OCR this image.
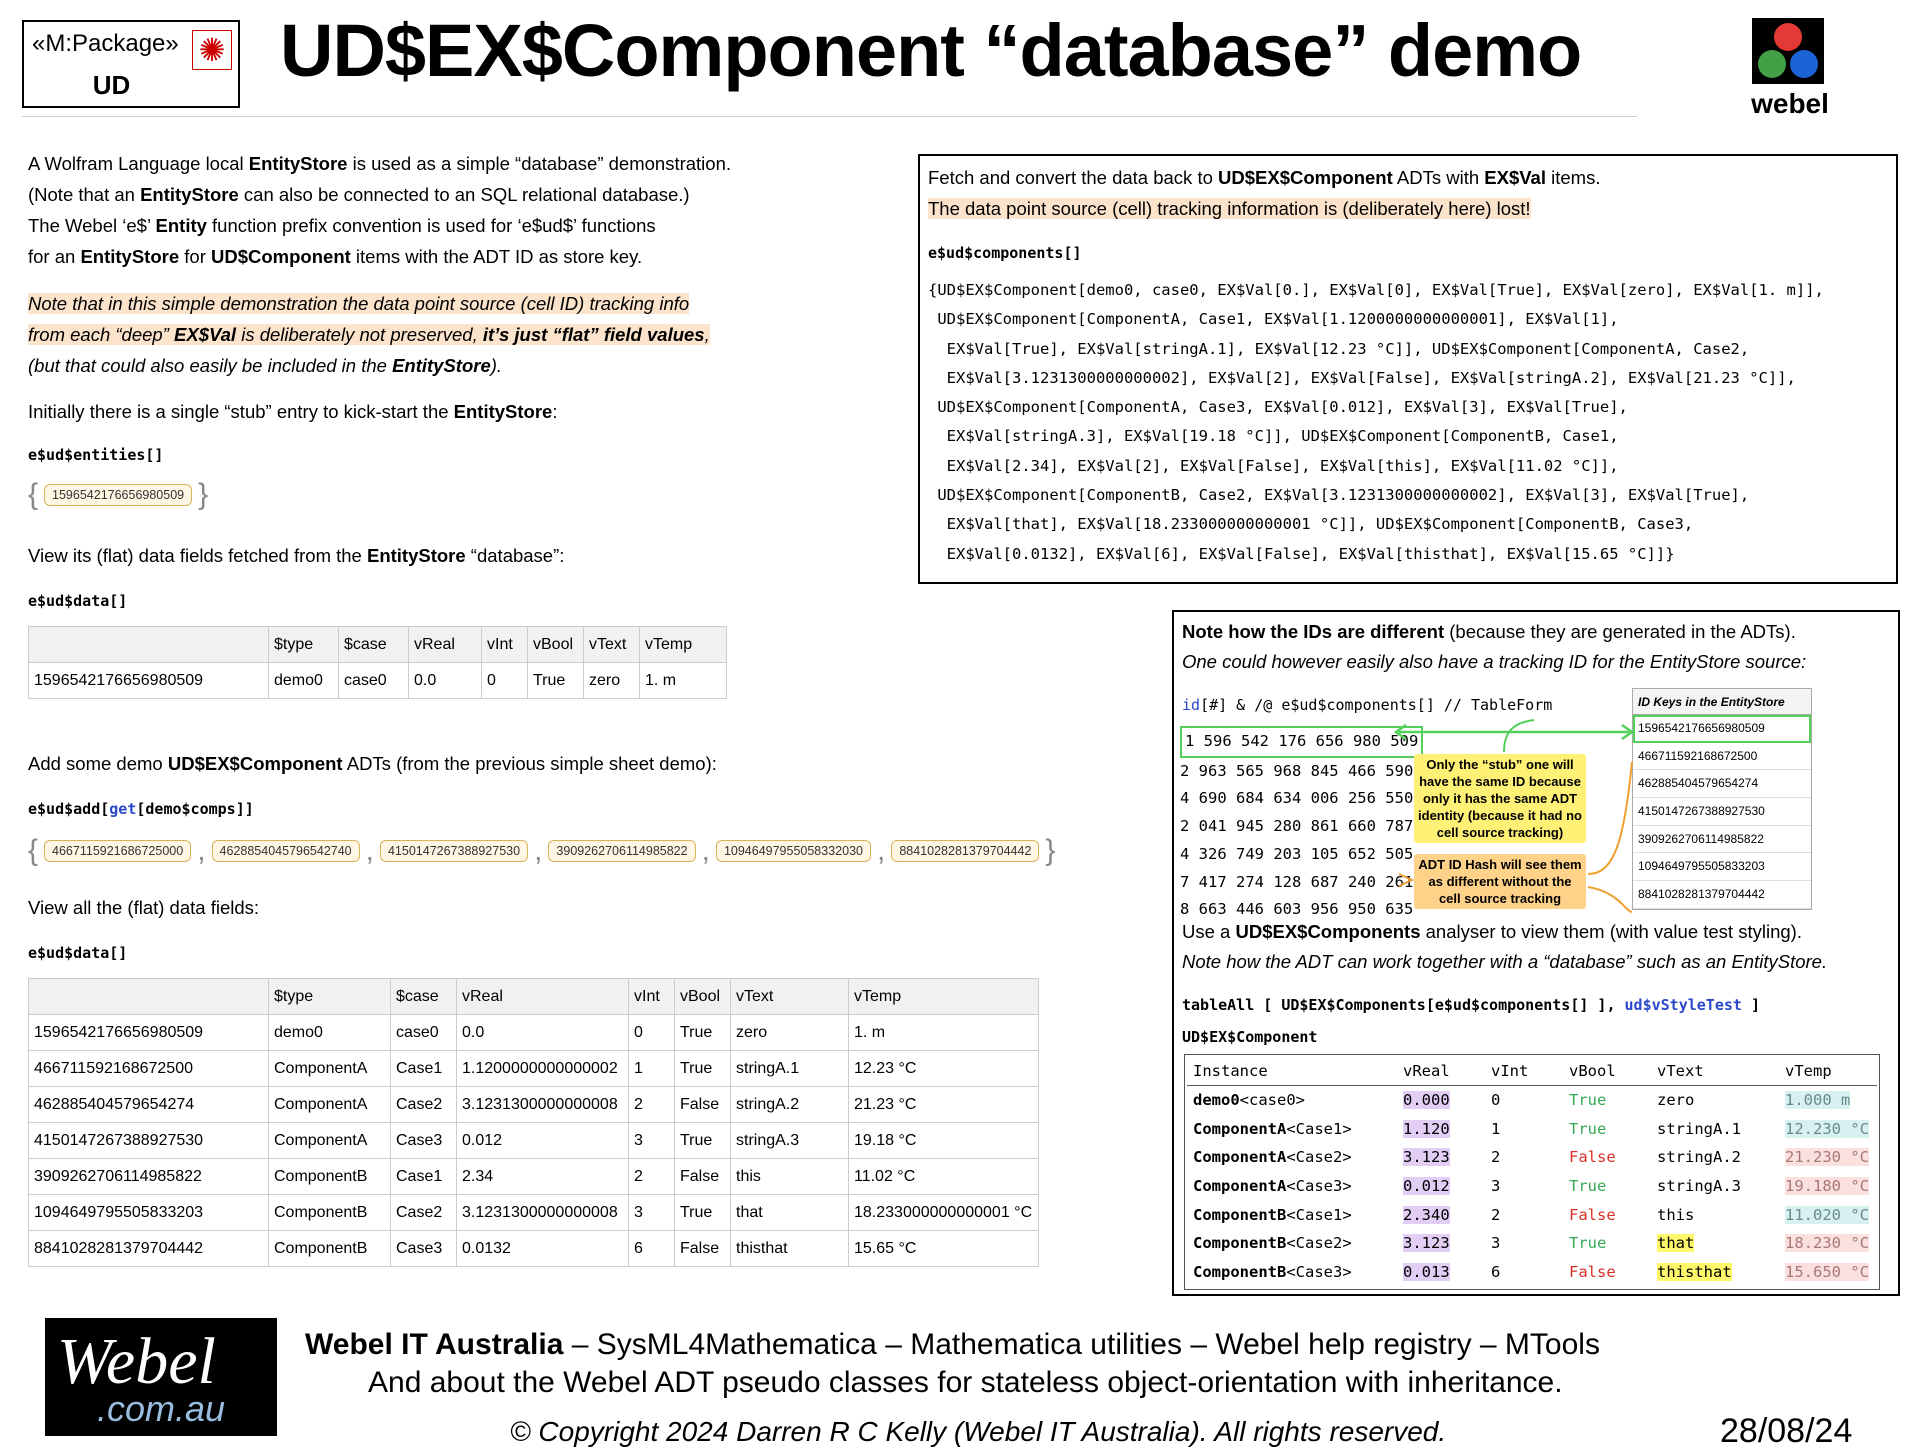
«M:Package» ✺
UD	UD$EX$Component “database” demo
webel
A Wolfram Language local EntityStore is used as a simple “database” demonstration.
(Note that an EntityStore can also be connected to an SQL relational database.)
The Webel ‘e$’ Entity function prefix convention is used for ‘e$ud$’ functions
for an EntityStore for UD$Component items with the ADT ID as store key.
Note that in this simple demonstration the data point source (cell ID) tracking info
from each “deep” EX$Val is deliberately not preserved, it’s just “flat” field values,
(but that could also easily be included in the EntityStore).
Initially there is a single “stub” entry to kick-start the EntityStore:
e$ud$entities[]
{	1596542176656980509 }
View its (flat) data fields fetched from the EntityStore “database”:
e$ud$data[]
	$type	$case	vReal	vInt	vBool	vText	vTemp
1596542176656980509	demo0	case0	0.0	0	True	zero	1. m
Add some demo UD$EX$Component ADTs (from the previous simple sheet demo):
e$ud$add[get[demo$comps]]
{	4667115921686725000 ,	4628854045796542740 ,	4150147267388927530 ,	3909262706114985822 ,	10946497955058332030 ,	8841028281379704442 }
View all the (flat) data fields:
e$ud$data[]
	$type	$case	vReal	vInt	vBool	vText	vTemp
1596542176656980509	demo0	case0	0.0	0	True	zero	1. m
466711592168672500	ComponentA	Case1	1.1200000000000002	1	True	stringA.1	12.23 °C
462885404579654274	ComponentA	Case2	3.1231300000000008	2	False	stringA.2	21.23 °C
4150147267388927530	ComponentA	Case3	0.012	3	True	stringA.3	19.18 °C
3909262706114985822	ComponentB	Case1	2.34	2	False	this	11.02 °C
1094649795505833203	ComponentB	Case2	3.1231300000000008	3	True	that	18.233000000000001 °C
8841028281379704442	ComponentB	Case3	0.0132	6	False	thisthat	15.65 °C
Fetch and convert the data back to UD$EX$Component ADTs with EX$Val items.
The data point source (cell) tracking information is (deliberately here) lost!
e$ud$components[]
{UD$EX$Component[demo0, case0, EX$Val[0.], EX$Val[0], EX$Val[True], EX$Val[zero], EX$Val[1. m]],
UD$EX$Component[ComponentA, Case1, EX$Val[1.1200000000000001], EX$Val[1],
EX$Val[True], EX$Val[stringA.1], EX$Val[12.23 °C]], UD$EX$Component[ComponentA, Case2,
EX$Val[3.1231300000000002], EX$Val[2], EX$Val[False], EX$Val[stringA.2], EX$Val[21.23 °C]],
UD$EX$Component[ComponentA, Case3, EX$Val[0.012], EX$Val[3], EX$Val[True],
EX$Val[stringA.3], EX$Val[19.18 °C]], UD$EX$Component[ComponentB, Case1,
EX$Val[2.34], EX$Val[2], EX$Val[False], EX$Val[this], EX$Val[11.02 °C]],
UD$EX$Component[ComponentB, Case2, EX$Val[3.1231300000000002], EX$Val[3], EX$Val[True],
EX$Val[that], EX$Val[18.233000000000001 °C]], UD$EX$Component[ComponentB, Case3,
EX$Val[0.0132], EX$Val[6], EX$Val[False], EX$Val[thisthat], EX$Val[15.65 °C]]}
Note how the IDs are different (because they are generated in the ADTs).
One could however easily also have a tracking ID for the EntityStore source:
id[#] & /@ e$ud$components[] // TableForm
1 596 542 176 656 980 509
2 963 565 968 845 466 590
4 690 684 634 006 256 550
2 041 945 280 861 660 787
4 326 749 203 105 652 505
7 417 274 128 687 240 261
8 663 446 603 956 950 635
ID Keys in the EntityStore
1596542176656980509
466711592168672500
462885404579654274
4150147267388927530
3909262706114985822
1094649795505833203
8841028281379704442
Only the “stub” one will have the same ID because only it has the same ADT identity (because it had no cell source tracking)
ADT ID Hash will see them as different without the cell source tracking
Use a UD$EX$Components analyser to view them (with value test styling).
Note how the ADT can work together with a “database” such as an EntityStore.
tableAll [ UD$EX$Components[e$ud$components[] ], ud$vStyleTest ]
UD$EX$Component
Instance	vReal	vInt	vBool	vText	vTemp
demo0<case0>	0.000	0	True	zero	1.000 m
ComponentA<Case1>	1.120	1	True	stringA.1	12.230 °C
ComponentA<Case2>	3.123	2	False	stringA.2	21.230 °C
ComponentA<Case3>	0.012	3	True	stringA.3	19.180 °C
ComponentB<Case1>	2.340	2	False	this	11.020 °C
ComponentB<Case2>	3.123	3	True	that	18.230 °C
ComponentB<Case3>	0.013	6	False	thisthat	15.650 °C
Webel
.com.au
Webel IT Australia – SysML4Mathematica – Mathematica utilities – Webel help registry – MTools
And about the Webel ADT pseudo classes for stateless object-orientation with inheritance.
© Copyright 2024 Darren R C Kelly (Webel IT Australia). All rights reserved.	28/08/24
